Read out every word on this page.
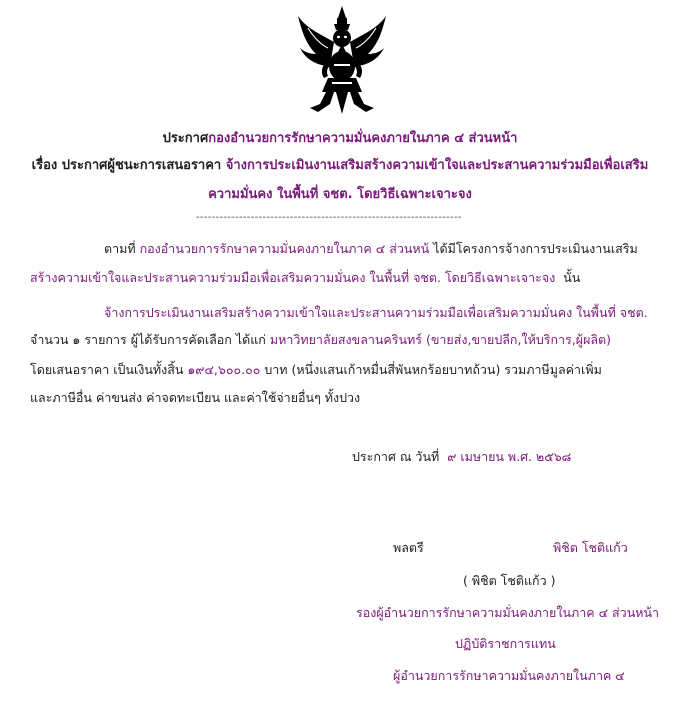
ประกาศกองอำนวยการรักษาความมั่นคงภายในภาค ๔ ส่วนหน้า
เรื่อง ประกาศผู้ชนะการเสนอราคา จ้างการประเมินงานเสริมสร้างความเข้าใจและประสานความร่วมมือเพื่อเสริม
ความมั่นคง ในพื้นที่ จชต. โดยวิธีเฉพาะเจาะจง
--------------------------------------------------------------------
ตามที่ กองอำนวยการรักษาความมั่นคงภายในภาค ๔ ส่วนหน้ ได้มีโครงการจ้างการประเมินงานเสริม
สร้างความเข้าใจและประสานความร่วมมือเพื่อเสริมความมั่นคง ในพื้นที่ จชต. โดยวิธีเฉพาะเจาะจง นั้น
จ้างการประเมินงานเสริมสร้างความเข้าใจและประสานความร่วมมือเพื่อเสริมความมั่นคง ในพื้นที่ จชต.
จำนวน ๑ รายการ ผู้ได้รับการคัดเลือก ได้แก่ มหาวิทยาลัยสงขลานครินทร์ (ขายส่ง,ขายปลีก,ให้บริการ,ผู้ผลิต)
โดยเสนอราคา เป็นเงินทั้งสิ้น ๑๙๔,๖๐๐.๐๐ บาท (หนึ่งแสนเก้าหมื่นสี่พันหกร้อยบาทถ้วน) รวมภาษีมูลค่าเพิ่ม
และภาษีอื่น ค่าขนส่ง ค่าจดทะเบียน และค่าใช้จ่ายอื่นๆ ทั้งปวง
ประกาศ ณ วันที่ ๙ เมษายน พ.ศ. ๒๕๖๘
พลตรี	พิชิต โชติแก้ว
( พิชิต โชติแก้ว )
รองผู้อำนวยการรักษาความมั่นคงภายในภาค ๔ ส่วนหน้า
ปฏิบัติราชการแทน
ผู้อำนวยการรักษาความมั่นคงภายในภาค ๔
